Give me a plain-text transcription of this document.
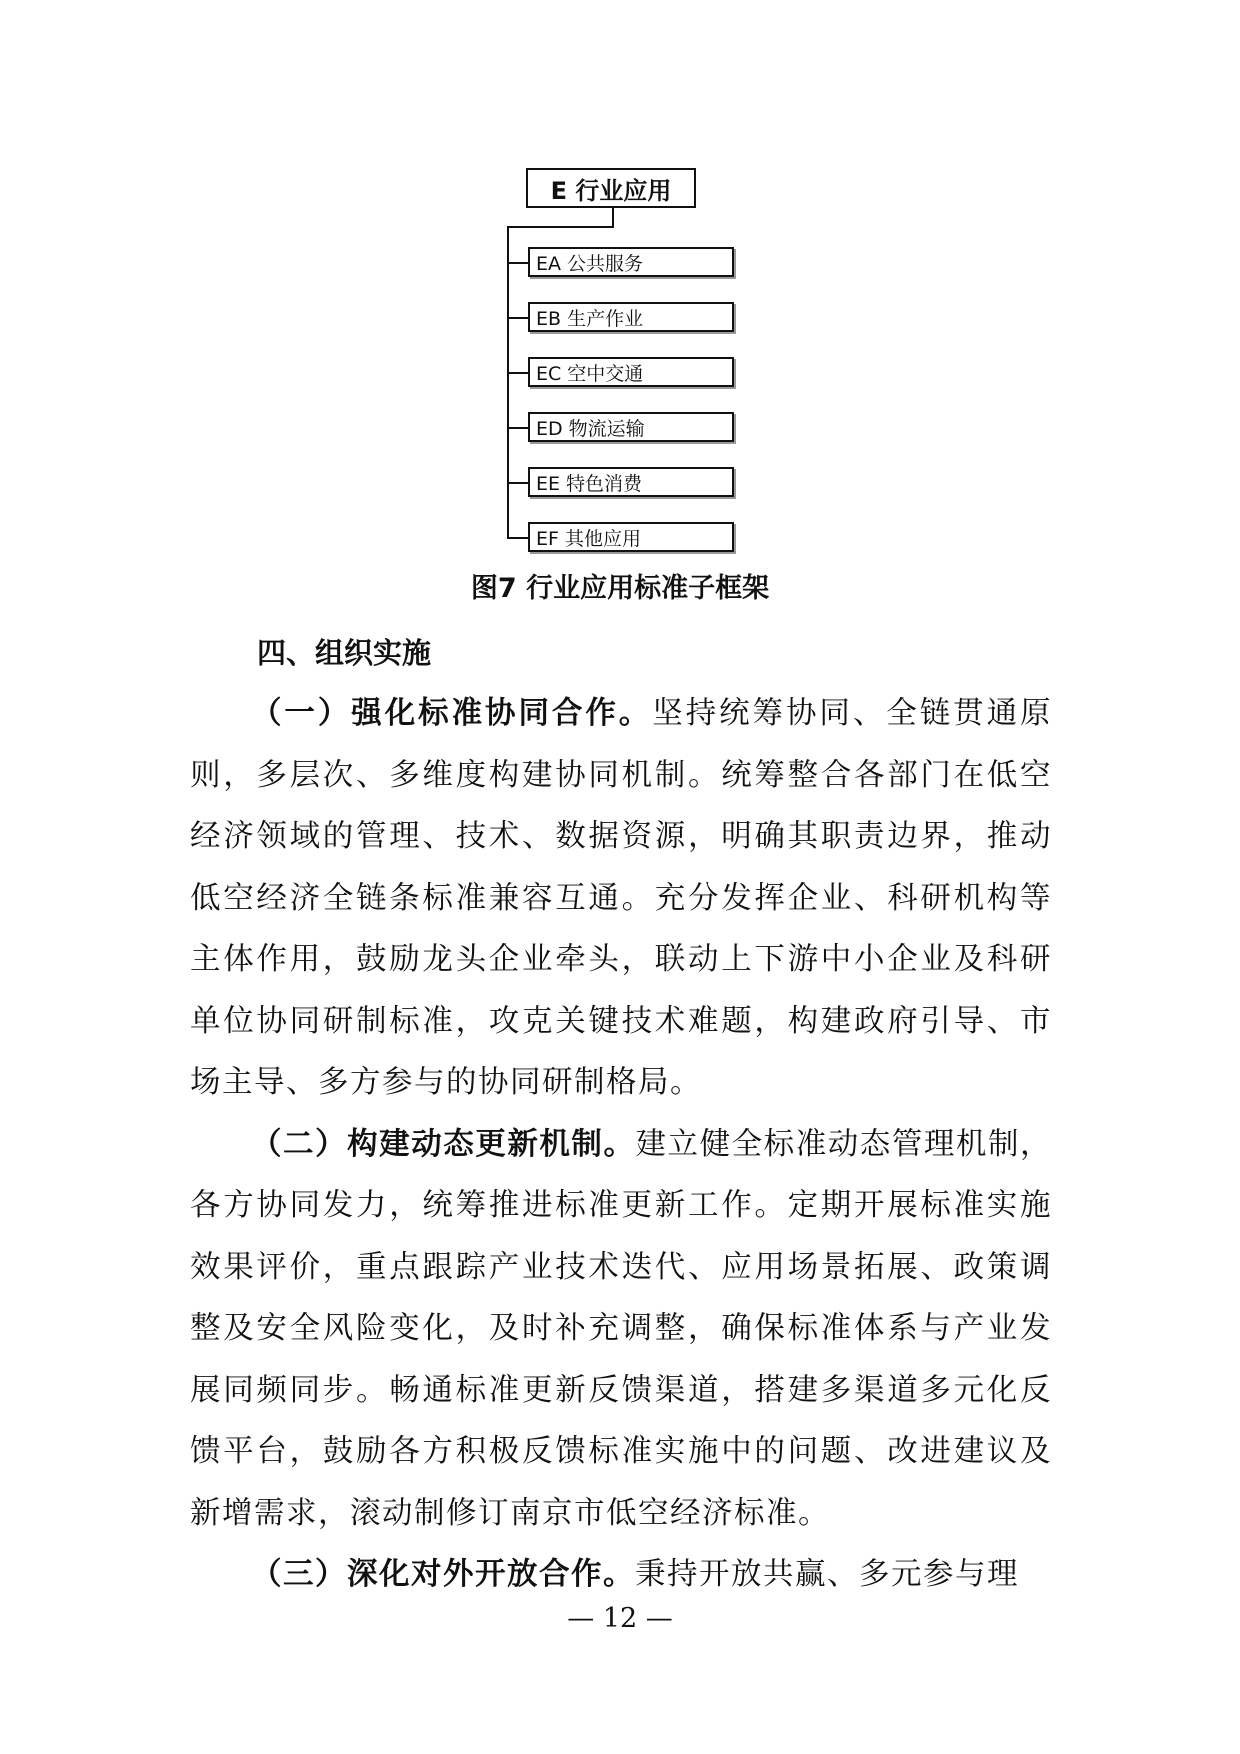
E 行业应用
EA 公共服务
EB 生产作业
EC 空中交通
ED 物流运输
EE 特色消费
EF 其他应用
图7 行业应用标准子框架
四、组织实施

（一）强化标准协同合作。坚持统筹协同、全链贯通原则，多层次、多维度构建协同机制。统筹整合各部门在低空经济领域的管理、技术、数据资源，明确其职责边界，推动低空经济全链条标准兼容互通。充分发挥企业、科研机构等主体作用，鼓励龙头企业牵头，联动上下游中小企业及科研单位协同研制标准，攻克关键技术难题，构建政府引导、市场主导、多方参与的协同研制格局。

（二）构建动态更新机制。建立健全标准动态管理机制，各方协同发力，统筹推进标准更新工作。定期开展标准实施效果评价，重点跟踪产业技术迭代、应用场景拓展、政策调整及安全风险变化，及时补充调整，确保标准体系与产业发展同频同步。畅通标准更新反馈渠道，搭建多渠道多元化反馈平台，鼓励各方积极反馈标准实施中的问题、改进建议及新增需求，滚动制修订南京市低空经济标准。

（三）深化对外开放合作。秉持开放共赢、多元参与理

— 12 —
